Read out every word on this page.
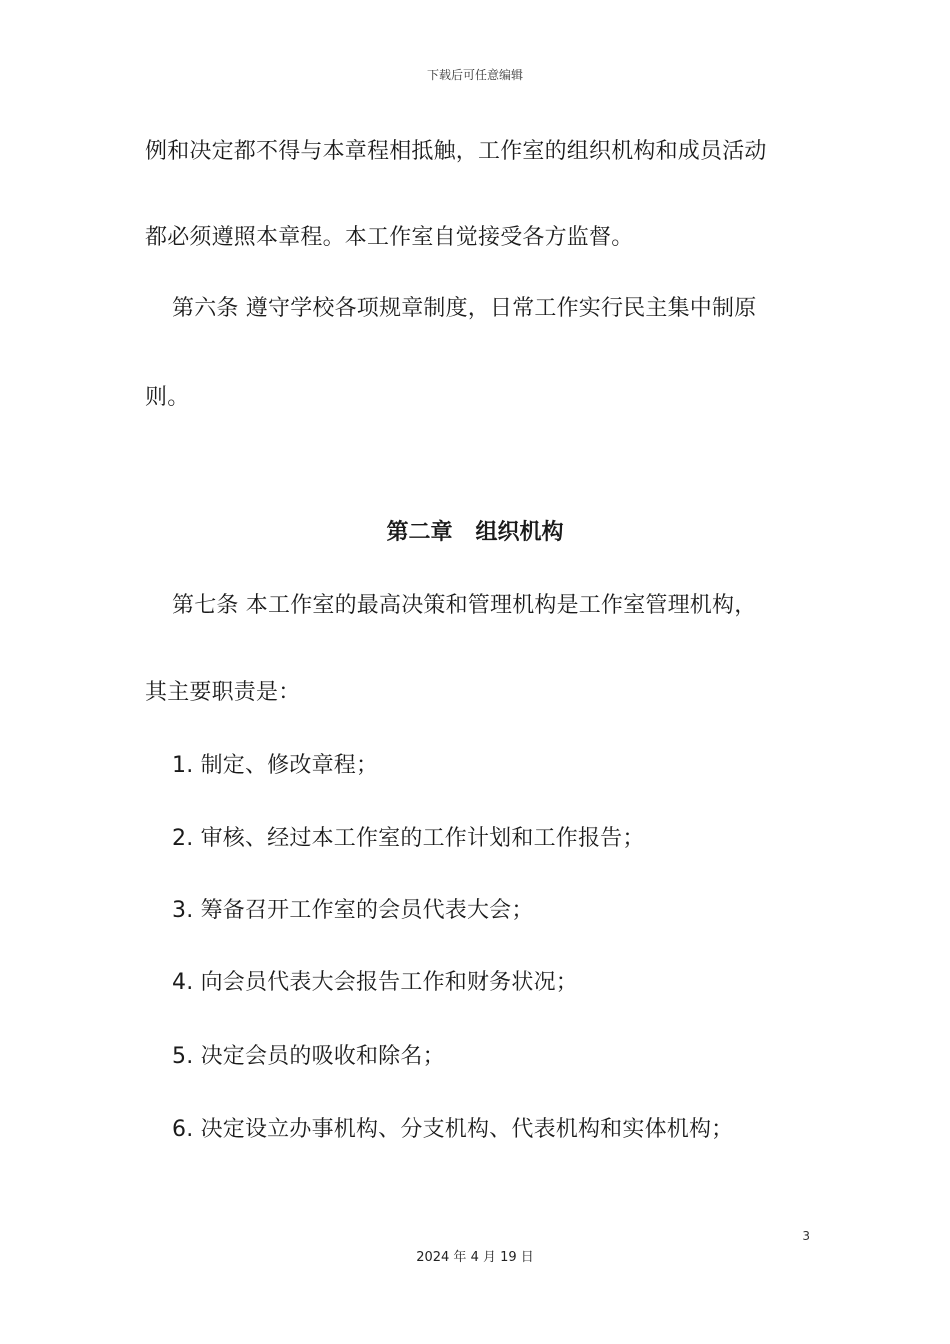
下载后可任意编辑
例和决定都不得与本章程相抵触，工作室的组织机构和成员活动
都必须遵照本章程。本工作室自觉接受各方监督。
第六条 遵守学校各项规章制度，日常工作实行民主集中制原
则。
第二章   组织机构
第七条 本工作室的最高决策和管理机构是工作室管理机构，
其主要职责是：
1. 制定、修改章程；
2. 审核、经过本工作室的工作计划和工作报告；
3. 筹备召开工作室的会员代表大会；
4. 向会员代表大会报告工作和财务状况；
5. 决定会员的吸收和除名；
6. 决定设立办事机构、分支机构、代表机构和实体机构；
3
2024 年 4 月 19 日
